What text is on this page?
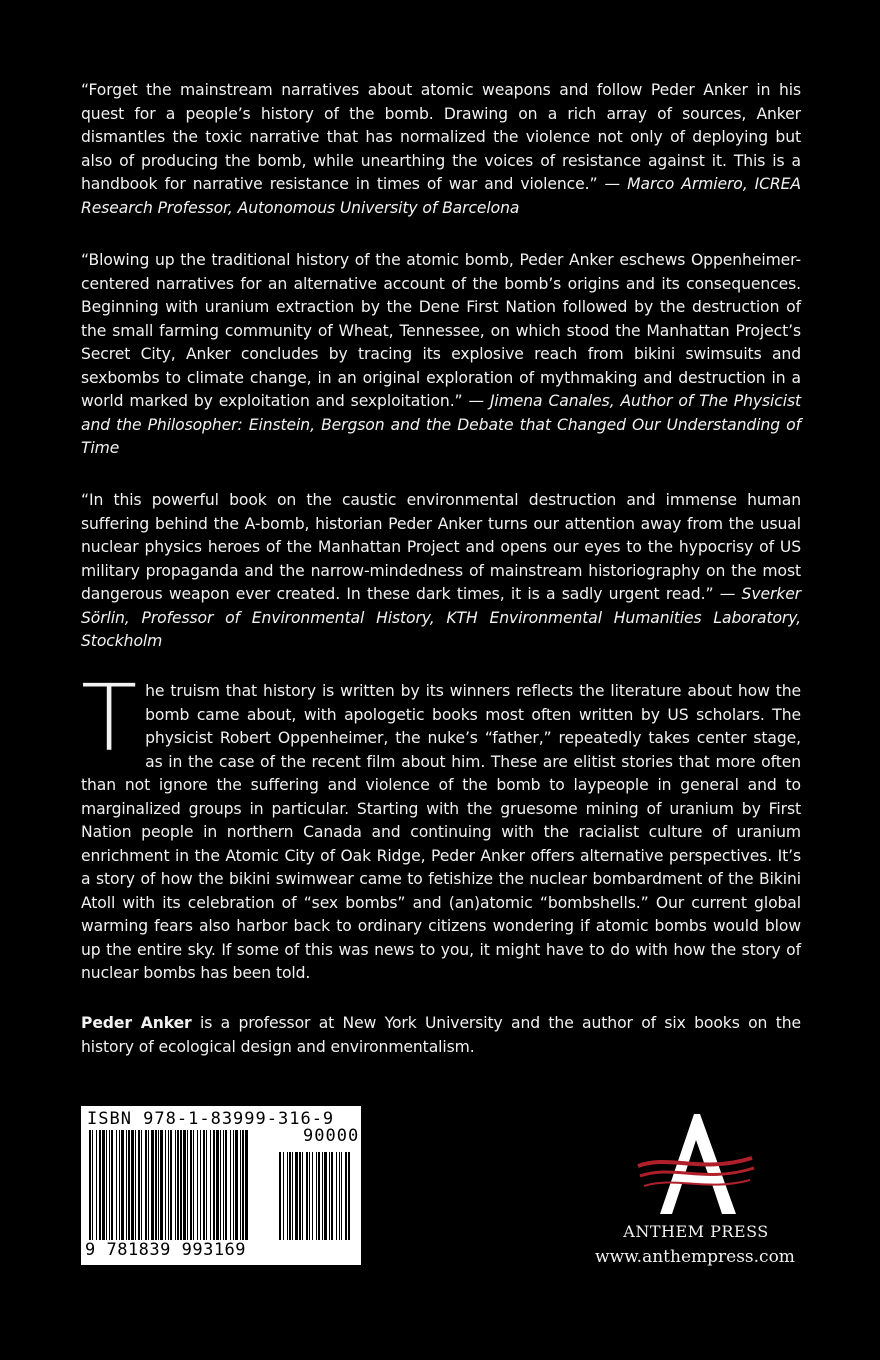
“Forget the mainstream narratives about atomic weapons and follow Peder Anker in his quest for a people’s history of the bomb. Drawing on a rich array of sources, Anker dismantles the toxic narrative that has normalized the violence not only of deploying but also of producing the bomb, while unearthing the voices of resistance against it. This is a handbook for narrative resistance in times of war and violence.” — Marco Armiero, ICREA Research Professor, Autonomous University of Barcelona

“Blowing up the traditional history of the atomic bomb, Peder Anker eschews Oppenheimer-centered narratives for an alternative account of the bomb’s origins and its consequences. Beginning with uranium extraction by the Dene First Nation followed by the destruction of the small farming community of Wheat, Tennessee, on which stood the Manhattan Project’s Secret City, Anker concludes by tracing its explosive reach from bikini swimsuits and sexbombs to climate change, in an original exploration of mythmaking and destruction in a world marked by exploitation and sexploitation.” — Jimena Canales, Author of The Physicist and the Philosopher: Einstein, Bergson and the Debate that Changed Our Understanding of Time

“In this powerful book on the caustic environmental destruction and immense human suffering behind the A-bomb, historian Peder Anker turns our attention away from the usual nuclear physics heroes of the Manhattan Project and opens our eyes to the hypocrisy of US military propaganda and the narrow-mindedness of mainstream historiography on the most dangerous weapon ever created. In these dark times, it is a sadly urgent read.” — Sverker Sörlin, Professor of Environmental History, KTH Environmental Humanities Laboratory, Stockholm

The truism that history is written by its winners reflects the literature about how the bomb came about, with apologetic books most often written by US scholars. The physicist Robert Oppenheimer, the nuke’s “father,” repeatedly takes center stage, as in the case of the recent film about him. These are elitist stories that more often than not ignore the suffering and violence of the bomb to laypeople in general and to marginalized groups in particular. Starting with the gruesome mining of uranium by First Nation people in northern Canada and continuing with the racialist culture of uranium enrichment in the Atomic City of Oak Ridge, Peder Anker offers alternative perspectives. It’s a story of how the bikini swimwear came to fetishize the nuclear bombardment of the Bikini Atoll with its celebration of “sex bombs” and (an)atomic “bombshells.” Our current global warming fears also harbor back to ordinary citizens wondering if atomic bombs would blow up the entire sky. If some of this was news to you, it might have to do with how the story of nuclear bombs has been told.

Peder Anker is a professor at New York University and the author of six books on the history of ecological design and environmentalism.

ISBN 978-1-83999-316-9
90000
9 781839 993169
ANTHEM PRESS
www.anthempress.com
